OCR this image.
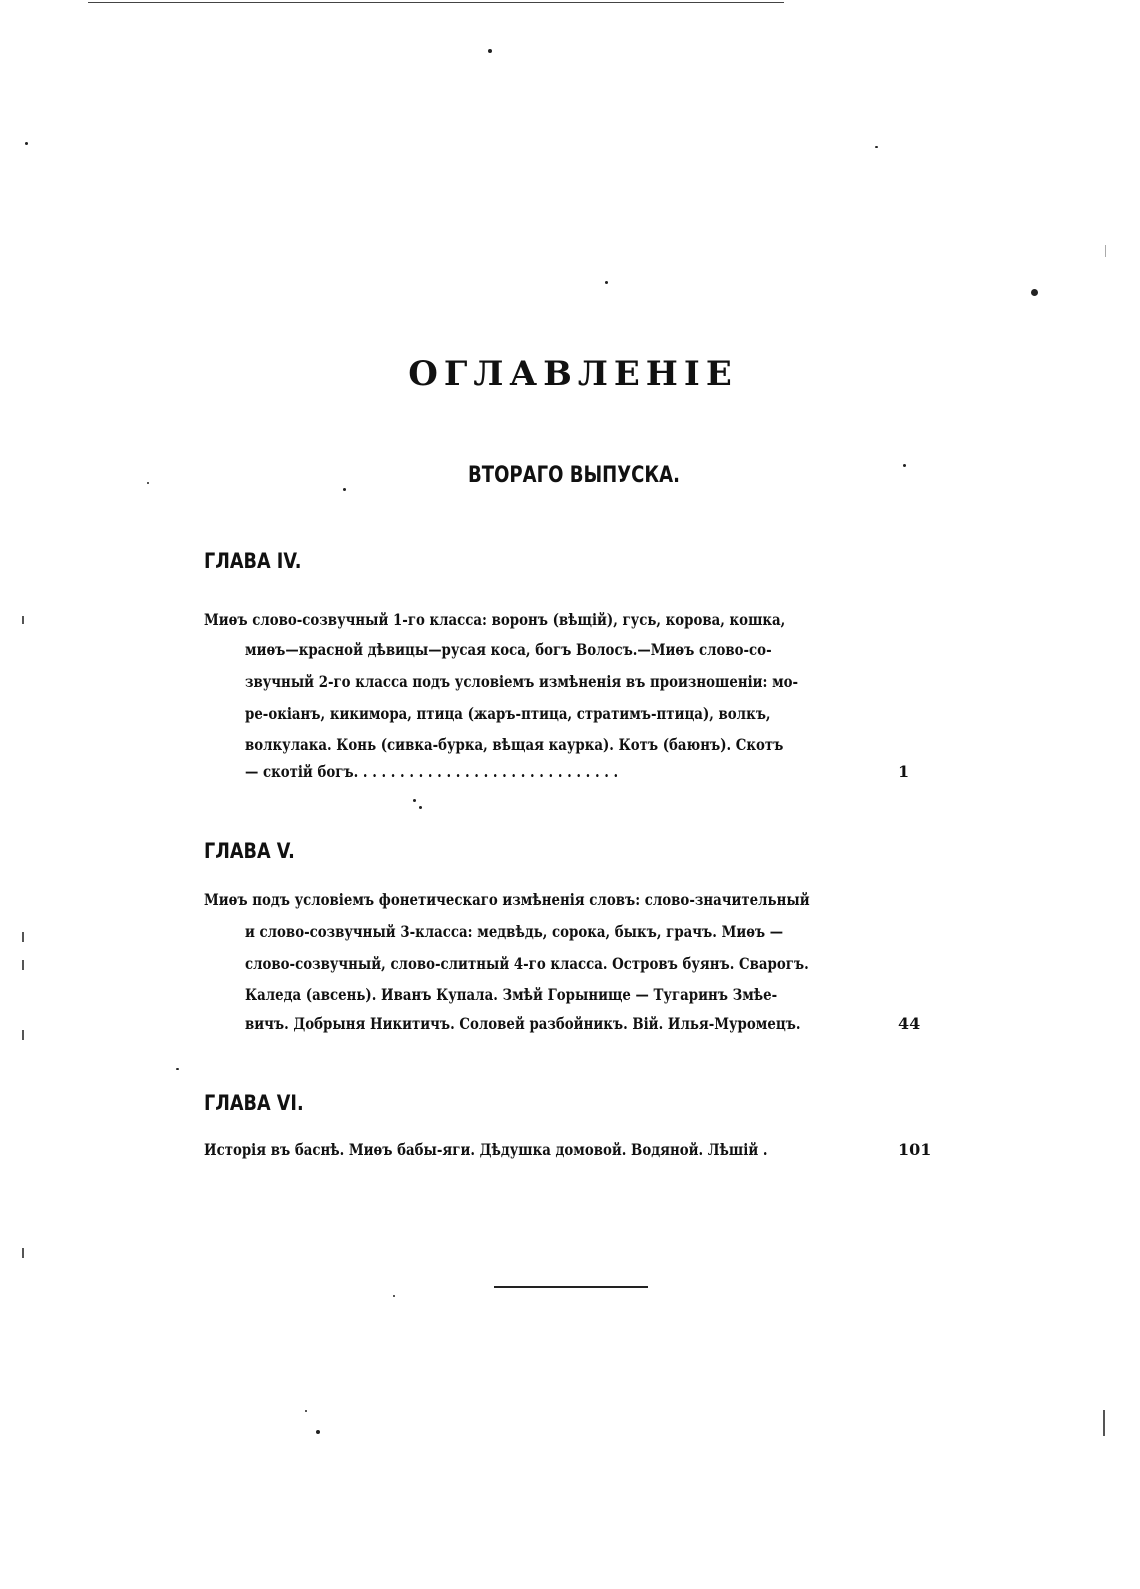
ОГЛАВЛЕНІЕ
ВТОРАГО ВЫПУСКА.
ГЛАВА IV.
Миѳъ слово-созвучный 1-го класса: воронъ (вѣщій), гусь, корова, кошка,
миѳъ—красной дѣвицы—русая коса, богъ Волосъ.—Миѳъ слово-со-
звучный 2-го класса подъ условіемъ измѣненія въ произношеніи: мо-
ре-окіанъ, кикимора, птица (жаръ-птица, стратимъ-птица), волкъ,
волкулака. Конь (сивка-бурка, вѣщая каурка). Котъ (баюнъ). Скотъ
— скотій богъ. . . . . . . . . . . . . . . . . . . . . . . . . . . . .	1
ГЛАВА V.
Миѳъ подъ условіемъ фонетическаго измѣненія словъ: слово-значительный
и слово-созвучный 3-класса: медвѣдь, сорока, быкъ, грачъ. Миѳъ —
слово-созвучный, слово-слитный 4-го класса. Островъ буянъ. Сварогъ.
Каледа (авсень). Иванъ Купала. Змѣй Горынище — Тугаринъ Змѣе-
вичъ. Добрыня Никитичъ. Соловей разбойникъ. Вій. Илья-Муромецъ.	44
ГЛАВА VI.
Исторія въ баснѣ. Миѳъ бабы-яги. Дѣдушка домовой. Водяной. Лѣшій .	101
